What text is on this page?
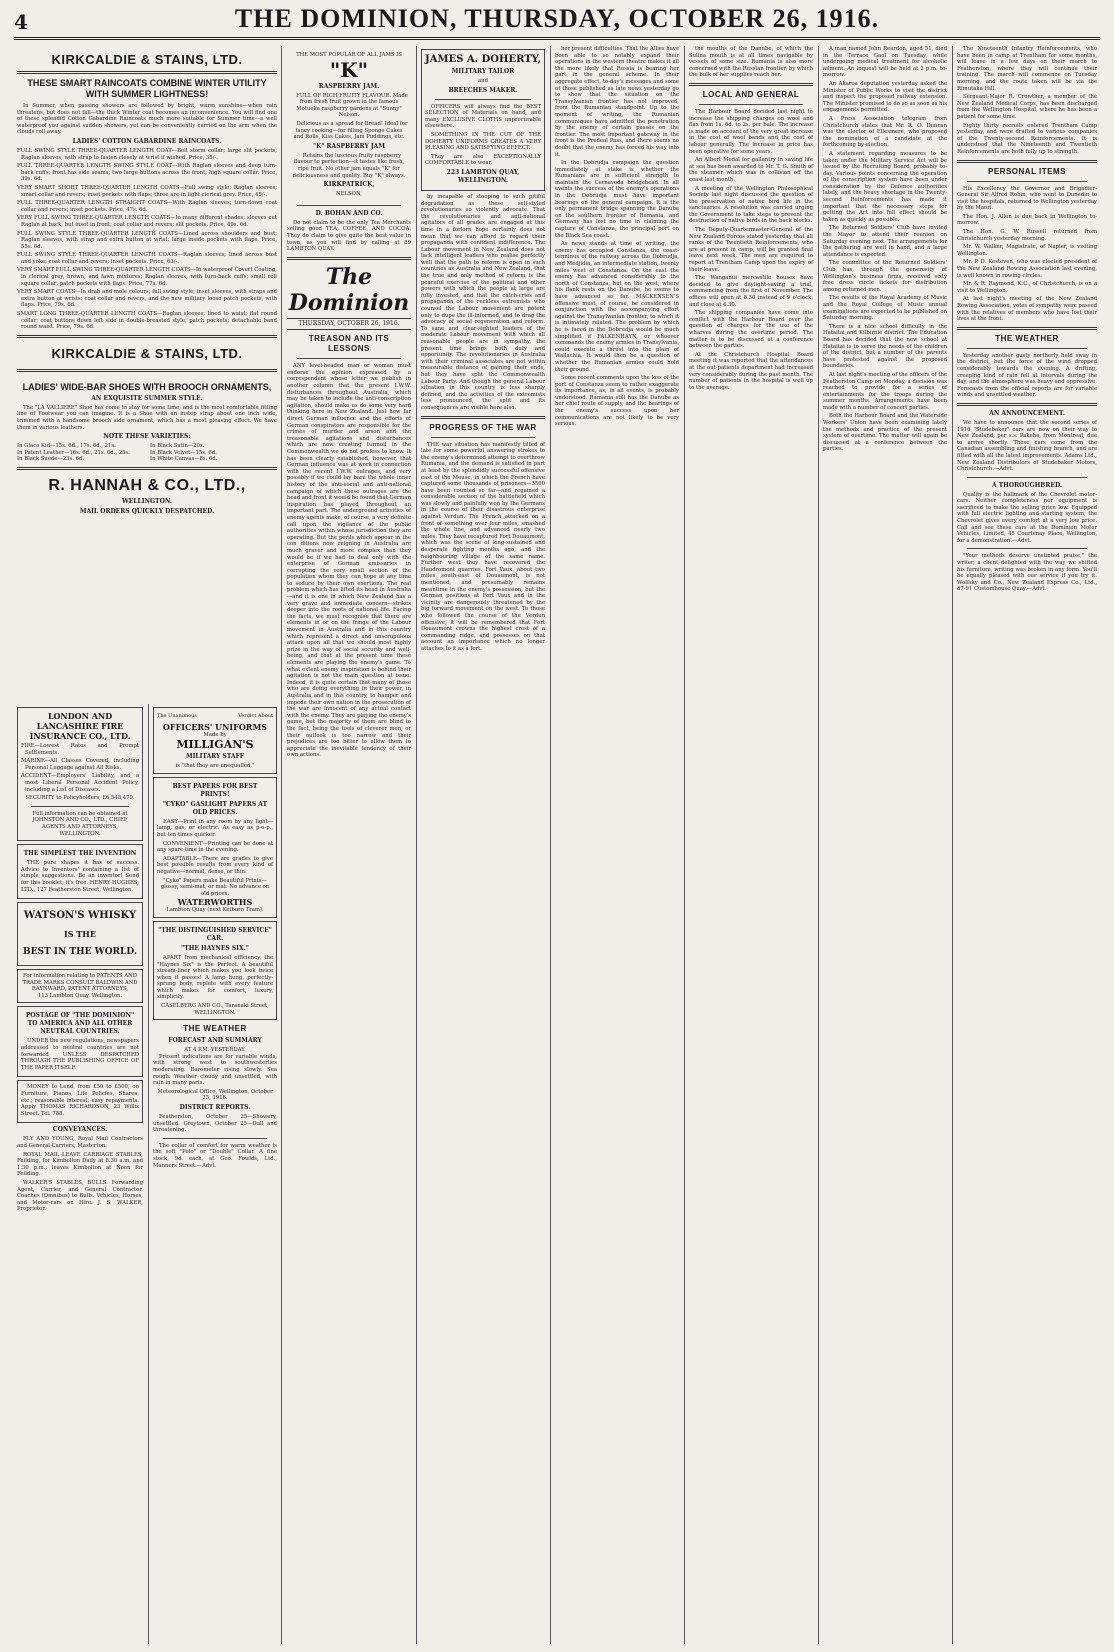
4	THE DOMINION, THURSDAY, OCTOBER 26, 1916.
KIRKCALDIE & STAINS, LTD.
THESE SMART RAINCOATS COMBINE WINTER UTILITY WITH SUMMER LIGHTNESS!
In Summer, when passing showers are followed by bright, warm sunshine—when rain threatens, but does not fall—the thick Winter coat becomes an inconvenience. You will find one of these splendid Cotton Gabardine Raincoats much more suitable for Summer time—a well waterproof you against sudden showers, yet can be conveniently carried on the arm when the clouds roll away.
LADIES' COTTON GABARDINE RAINCOATS.
FULL SWING STYLE THREE-QUARTER LENGTH COAT—Bell storm collar; large slit pockets; Raglan sleeves, with strap to fasten closely at wrist if wished. Price, 35/-.
FULL THREE-QUARTER LENGTH SWING STYLE COAT—With Raglan sleeves and deep turn-back cuffs; front has side seams; two large buttons across the front; high square collar. Price, 39s. 6d.
VERY SMART SHORT THREE-QUARTER LENGTH COATS—Full swing style; Raglan sleeves; smart collar and revers; inset pockets with flaps; three are in light clerical grey. Price, 45/-.
FULL THREE-QUARTER LENGTH STRAIGHT COATS—With Raglan sleeves; turn-down coat collar and revers; inset pockets. Price, 47s. 6d.
VERY FULL SWING THREE-QUARTER LENGTH COATS—In many different shades; sleeves cut Raglan at back, but inset in front; coat collar and revers; slit pockets. Price, 49s. 6d.
FULL SWING STYLE THREE-QUARTER LENGTH COATS—Lined across shoulders and bust; Raglan sleeves, with strap and extra button at wrist; large inside pockets with flaps. Price, 55s. 6d.
FULL SWING STYLE THREE-QUARTER LENGTH COATS—Raglan sleeves; lined across bust and yoke; coat collar and revers; inset pockets. Price, 63/-.
VERY SMART FULL SWING THREE-QUARTER LENGTH COATS—In waterproof Covert Coating, in clerical grey, brown, and fawn mixtures; Raglan sleeves, with turn-back cuffs; small roll square collar; patch pockets with flaps. Price, 77s. 6d.
VERY SMART COATS—In drab and mole colours; full swing style; inset sleeves, with straps and extra button at wrists; coat collar and revers, and the new military loose patch pockets, with flaps. Price, 79s. 6d.
SMART LONG THREE-QUARTER LENGTH COATS—Raglan sleeves; lined to waist; flat round collar; coat buttons down left side in double-breasted style; patch pockets; detachable band round waist. Price, 79s. 6d.
KIRKCALDIE & STAINS, LTD.
LADIES' WIDE-BAR SHOES WITH BROOCH ORNAMENTS,
AN EXQUISITE SUMMER STYLE.
The "LA VALLIERE" Shoe has come to stay for some time, and is the most comfortable fitting line of Footwear you can imagine. It is a Shoe with an instep strap about one inch wide, trimmed with a handsome brooch side ornament, which has a most pleasing effect. We have them in various leathers.
NOTE THESE VARIETIES:
In Glace Kid—15s. 6d., 17s. 6d., 21s.
In Patent Leather—16s. 6d., 21s. 6d., 25s.
In Black Suede—23s. 6d.
In Black Satin—20s.
In Black Velvet—15s. 6d.
In White Canvas—8s. 6d.
R. HANNAH & CO., LTD.,
WELLINGTON.
MAIL ORDERS QUICKLY DESPATCHED.
LONDON AND LANCASHIRE FIRE INSURANCE CO., LTD.
FIRE—Lowest Rates and Prompt Settlements.
MARINE—All Classes Covered, including Personal Luggage against All Risks.
ACCIDENT—Employers' Liability, and a most Liberal Personal Accident Policy, including a List of Diseases.
SECURITY to Policyholders, £6,548,479.
Full information can be obtained at JOHNSTON AND CO., LTD., CHIEF AGENTS AND ATTORNEYS, WELLINGTON.
THE SIMPLEST THE INVENTION
THE pure shapes it has of success. Advice to Inventors' containing a list of simple suggestions. Be an inventor! Send for this booklet; it's free. HENRY HUGHES, LTD., 127 Featherston Street, Wellington.
WATSON'S WHISKY
IS THE
BEST IN THE WORLD.
For information relating to PATENTS AND TRADE MARKS CONSULT BALDWIN AND RAYNWARD, PATENT ATTORNEYS,
113 Lambton Quay, Wellington.
POSTAGE OF "THE DOMINION" TO AMERICA AND ALL OTHER NEUTRAL COUNTRIES.
UNDER the new regulations, newspapers addressed to neutral countries are not forwarded UNLESS DESPATCHED THROUGH THE PUBLISHING OFFICE OF THE PAPER ITSELF.
MONEY to Lend, from £50 to £500, on Furniture, Pianos, Life Policies, Shares, etc.; reasonable interest; easy repayments. Apply THOMAS RICHARDSON, 23 Willis Street. Tel. 788.
CONVEYANCES.
FLY AND YOUNG, Royal Mail Contractors and General Carriers, Masterton.
ROYAL MAIL LEAVE CARRIAGE STABLES, Feilding, for Kimbolton Daily at 8.30 a.m. and 1.30 p.m.; leaves Kimbolton at Noon for Feilding.
WALKER'S STABLES, BULLS. Forwarding Agent, Carrier, and General Contractor. Coaches (Omnibus) to Bulls. Vehicles, Horses, and Motor-cars on Hire. J. S. WALKER, Proprietor.
The Unanimous	Verdict About
OFFICERS' UNIFORMS
Made by
MILLIGAN'S
MILITARY STAFF
is "that they are unequalled."
BEST PAPERS FOR BEST PRINTS!
"CYKO" GASLIGHT PAPERS AT OLD PRICES.
EASY—Print in any room by any light—lamp, gas, or electric. As easy as p-o-p., but ten times quicker.
CONVENIENT—Printing can be done at any spare time in the evening.
ADAPTABLE—There are grades to give best possible results from every kind of negative—normal, dense, or thin.
"Cyko" Papers make Beautiful Prints—glossy, semi-mat, or mat. No advance on old prices.
WATERWORTHS
Lambton Quay (next Kelburn Tram).
"THE DISTINGUISHED SERVICE" CAR.
"THE HAYNES SIX."
APART from mechanical efficiency, the "Haynes Six" is the Perfect. A beautiful stream-liner which makes you look twice when it passes! A lamp hung, perfectly-sprung body, replete with every feature which makes for comfort, luxury, simplicity.
CASELBERG AND CO., Taranaki Street, WELLINGTON.
THE WEATHER
FORECAST AND SUMMARY
AT 4 P.M. YESTERDAY.
Present indications are for variable winds, with strong west to southwesterlies moderating. Barometer rising slowly. Sea rough. Weather cloudy and unsettled, with rain in many parts.
Meteorological Office, Wellington, October 25, 1916.
DISTRICT REPORTS.
Featherston, October 25—Showery, unsettled. Greytown, October 25—Dull and threatening.
The collar of comfort for warm weather is the soft "Polo" or "Double" Collar. A fine stock, 9d. each, at Geo. Fowlds, Ltd., Manners Street.—Advt.
THE MOST POPULAR OF ALL JAMS IS
"K"
RASPBERRY JAM.
FULL OF RICH FRUITY FLAVOUR. Made from fresh fruit grown in the famous Motueka raspberry gardens at "Sunny" Nelson.
Delicious as a spread for Bread! Ideal for fancy cooking—for filling Sponge Cakes and Rolls, Kiss Cakes, Jam Puddings, etc.
"K" RASPBERRY JAM
Retains the luscious fruity raspberry flavour to perfection—it tastes like fresh, ripe fruit. No other jam equals "K" for deliciousness and quality. Buy "K" always.
KIRKPATRICK,
NELSON,
D. BOHAN AND CO.
Do not claim to be the only Tea Merchants selling good TEA, COFFEE, AND COCOA. They do claim to give quite the best value in town, as you will find by calling at 89 LAMBTON QUAY.
The Dominion
THURSDAY, OCTOBER 26, 1916.
TREASON AND ITS LESSONS
ANY level-headed man or woman must endorse the opinion expressed by a correspondent whose letter we publish in another column that the present I.W.W. disturbances throughout Australia, which may be taken to include the anti-conscription agitation, should make us do some very hard thinking here in New Zealand. Just how far direct German influence and the efforts of German conspirators are responsible for the crimes of murder and arson and the treasonable agitations and disturbances which are now creating turmoil in the Commonwealth we do not profess to know. It has been clearly established, however, that German influence was at work in connection with the recent I.W.W. outrages, and very possibly if we could lay bare the whole inner history of the anti-social and anti-national campaign of which these outrages are the head and front it would be found that German inspiration has played throughout an important part. The underground activities of enemy agents make, of course, a very definite call upon the vigilance of the public authorities within whose jurisdiction they are operating. But the perils which appear in the con ditions now reigning in Australia are much graver and more complex than they would be if we had to deal only with the enterprise of German emissaries in corrupting the very small section of the population whom they can hope at any time to seduce by their own exertions. The real problem which has lifted its head in Australia—and it is one in which New Zealand has a very grave and immediate concern—strikes deeper into the roots of national life. Facing the facts, we must recognise that there are elements in or on the fringe of the Labour movement in Australia and in this country which represent a direct and unscrupulous attack upon all that we should most highly prize in the way of social security and well-being, and that at the present time these elements are playing the enemy's game. To what extent enemy inspiration is behind their agitation is not the main question at issue. Indeed, it is quite certain that many of those who are doing everything in their power, in Australia and in this country, to hamper and impede their own nation in the prosecution of the war are innocent of any actual contact with the enemy. They are playing the enemy's game, but the majority of them are blind to the fact, being the tools of cleverer men, or their outlook is too narrow and their prejudices are too bitter to allow them to appreciate the inevitable tendency of their own actions.
JAMES A. DOHERTY,
MILITARY TAILOR
and
BREECHES MAKER.
OFFICERS will always find the BEST SELECTION of Materials on hand, and many EXCLUSIVE CLOTHS unprocurable elsewhere.
SOMETHING IN THE CUT OF THE DOHERTY UNIFORMS CREATES A VERY PLEASING AND SATISFYING EFFECT.
They are also EXCEPTIONALLY COMFORTABLE to wear.
223 LAMBTON QUAY, WELLINGTON.
by incapable of stooping to such pitiful degradation as these self-styled revolutionaries so violently advocate. That the revolutionaries and anti-national agitators of all grades are engaged at this time in a forlorn hope certainly does not mean that we can afford to regard their propaganda with confident indifference. The Labour movement in New Zealand does not lack intelligent leaders who realise perfectly well that the path to reform is open in such countries as Australia and New Zealand, that the true and only method of reform is the peaceful exercise of the political and other powers with which the people at large are fully invested, and that the catch-cries and propaganda of the reckless extremists who counsel the Labour movement are potent only to dupe the ill-informed, and to drag the advocacy of social regeneration and reform. To sane and clear-sighted leaders of the moderate Labour movement with which all reasonable people are in sympathy, the present time brings both duty and opportunity. The revolutionaries in Australia with their criminal associates are not within measurable distance of gaining their ends, but they have split the Commonwealth Labour Party. And though the general Labour situation in this country is less sharply defined, and the activities of the extremists less pronounced, the split and its consequences are visible here also.
PROGRESS OF THE WAR
THE war situation has manifestly tilted of late for some powerful answering strokes to the enemy's determined attempt to overthrow Rumania, and the demand is satisfied in part at least by the splendidly successful offensive east of the Meuse, in which the French have captured some thousands of prisoners—3500 have been counted so far—and regained a considerable section of the battlefield which was slowly and painfully won by the Germans in the course of their disastrous enterprise against Verdun. The French attacked on a front of something over four miles, smashed the whole line, and advanced nearly two miles. They have recaptured Fort Douaumont, which was the scene of long-sustained and desperate fighting months ago, and the neighbouring village of the same name. Further west they have recovered the Haudromont quarries. Fort Vaux, about two miles south-east of Douaumont, is not mentioned, and presumably remains meantime in the enemy's possession, but the German positions at Fort Vaux and in the vicinity are dangerously threatened by the big forward movement on the west. To those who followed the course of the Verdun offensive, it will be remembered that Fort Douaumont crowns the highest crest of a commanding ridge, and possesses on that account an importance which no longer attaches to it as a fort.
her present difficulties. That the Allies have been able to so notably expand their operations in the western theatre makes it all the more likely that Russia is bearing her part in the general scheme. In their aggregate effect, to-day's messages and some of those published as late news yesterday go to show that the situation on the Transylvanian frontier has not improved, from the Rumanian standpoint. Up to the moment of writing, the Rumanian communiques have admitted the penetration by the enemy of certain passes on the frontier. The most important gateway in the front is the Predeal Pass, and there seems no doubt that the enemy has forced his way into it.
In the Dobrudja campaign the question immediately at stake is whether the Rumanians are in sufficient strength to maintain the Cernavoda bridgehead. In all events the success of the enemy's operations in the Dobrudja must have important bearings on the general campaign. It is the only permanent bridge spanning the Danube on the southern frontier of Rumania, and Germany has lost no time in claiming the capture of Constanza, the principal port on the Black Sea coast.
As news stands at time of writing, the enemy has occupied Constanza, the coast-terminus of the railway across the Dobrudja, and Medjidia, an intermediate station, twenty miles west of Constanza. On the east the enemy has advanced considerably to the north of Constanza, but on the west, where his flank rests on the Danube, he seems to have advanced so far. MACKENSEN'S offensive must, of course, be considered in conjunction with the accompanying effort against the Transylvanian frontier, to which it is intimately related. The problem by which he is faced in the Dobrudja would be much simplified if FALKENHAYN, or whoever commands the enemy armies in Transylvania, could execute a thrust into the plain of Wallachia. It would then be a question of whether the Rumanian armies could hold their ground.
Some recent comments upon the loss of the port of Constanza seem to rather exaggerate its importance, as, in all events, is probably understood. Rumania still has the Danube as her chief route of supply, and the bearings of the enemy's success upon her communications are not likely to be very serious.
the mouths of the Danube, of which the Sulina mouth is at all times navigable by vessels of some size. Rumania is also more concerned with the Russian frontier, by which the bulk of her supplies reach her.
LOCAL AND GENERAL
The Harbour Board decided last night to increase the shipping charges on wool and flax from 1s. 6d. to 2s. per bale. The increase is made on account of the very great increase in the cost of wool bands and the cost of labour generally. The increase in price has been operative for some years.
An Albert Medal for gallantry in saving life at sea has been awarded to Mr. T. G. Smith of the steamer which was in collision off the coast last month.
A meeting of the Wellington Philosophical Society last night discussed the question of the preservation of native bird life in the sanctuaries. A resolution was carried urging the Government to take steps to prevent the destruction of native birds in the back blocks.
The Deputy-Quartermaster-General of the New Zealand Forces stated yesterday that all ranks of the Twentieth Reinforcements, who are at present in camp, will be granted final leave next week. The men are required to report at Trentham Camp upon the expiry of their leave.
The Wanganui mercantile houses have decided to give daylight-saving a trial, commencing from the first of November. The offices will open at 8.30 instead of 9 o'clock, and close at 4.30.
The shipping companies have come into conflict with the Harbour Board over the question of charges for the use of the wharves during the overtime period. The matter is to be discussed at a conference between the parties.
At the Christchurch Hospital Board meeting it was reported that the attendances at the out-patients department had increased very considerably during the past month. The number of patients in the hospital is well up to the average.
A man named John Reardon, aged 51, died in the Terrace Gaol on Tuesday, while undergoing medical treatment for alcoholic ailment. An inquest will be held at 2 p.m. to-morrow.
An Akaroa deputation yesterday asked the Minister of Public Works to visit the district and inspect the proposed railway extension. The Minister promised to do so as soon as his engagements permitted.
A Press Association telegram from Christchurch states that Mr. R. O. Duncan was the elector of Ellesmere, who proposed the nomination of a candidate at the forthcoming by-election.
A statement regarding measures to be taken under the Military Service Act will be issued by the Recruiting Board, probably to-day. Various points concerning the operation of the conscription system have been under consideration by the Defence authorities lately, and the heavy shortage in the Twenty-second Reinforcements has made it important that the necessary steps for getting the Act into full effect should be taken as quickly as possible.
The Returned Soldiers' Club have invited the Mayor to attend their reunion on Saturday evening next. The arrangements for the gathering are well in hand, and a large attendance is expected.
The committee of the Returned Soldiers' Club has, through the generosity of Wellington's business firms, received sixty free dress circle tickets for distribution among returned men.
The results of the Royal Academy of Music and the Royal College of Music annual examinations are expected to be published on Saturday morning.
There is a nice school difficulty in the Hataitai and Kilbirnie district. The Education Board has decided that the new school at Hataitai is to serve the needs of the children of the district, but a number of the parents have protested against the proposed boundaries.
At last night's meeting of the officers of the Featherston Camp on Monday, a decision was reached to provide for a series of entertainments for the troops during the summer months. Arrangements have been made with a number of concert parties.
Both the Harbour Board and the Waterside Workers' Union have been examining lately the methods and practice of the present system of overtime. The matter will again be discussed at a conference between the parties.
The Nineteenth Infantry Reinforcements, who have been in camp at Trentham for some months, will leave in a few days on their march to Featherston, where they will continue their training. The march will commence on Tuesday morning, and the route taken will be via the Rimutaka Hill.
Sergeant-Major R. Crowther, a member of the New Zealand Medical Corps, has been discharged from the Wellington Hospital, where he has been a patient for some time.
Eighty thirty recruits entered Trentham Camp yesterday, and were drafted to various companies of the Twenty-second Reinforcements. It is understood that the Nineteenth and Twentieth Reinforcements are both fully up to strength.
PERSONAL ITEMS
His Excellency the Governor and Brigadier-General Sir Alfred Robin, who went to Dunedin to visit the hospitals, returned to Wellington yesterday by the Maori.
The Hon. J. Allen is due back in Wellington to-morrow.
The Hon. G. W. Russell returned from Christchurch yesterday morning.
Mr. W. Walker, Magistrate, of Napier, is visiting Wellington.
Mr. P. D. Kesteven, who was elected president of the New Zealand Rowing Association last evening, is well known in rowing circles.
Mr. & R. Raymond, K.C., of Christchurch, is on a visit to Wellington.
At last night's meeting of the New Zealand Rowing Association, votes of sympathy were passed with the relatives of members who have lost their lives at the front.
THE WEATHER
Yesterday another gusty northerly held sway in the district, but the force of the wind dropped considerably towards the evening. A drifting, creeping kind of rain fell at intervals during the day, and the atmosphere was heavy and oppressive. Forecasts from the official reports are for variable winds and unsettled weather.
AN ANNOUNCEMENT.
We have to announce that the second series of 1916 "Studebaker" cars are now on their way to New Zealand, per s.s. Pakeha, from Montreal, due to arrive shortly. These cars come from the Canadian assembling and finishing branch, and are fitted with all the latest improvements. Adams Ltd., New Zealand Distributors of Studebaker Motors, Christchurch.—Advt.
A THOROUGHBRED.
Quality is the hallmark of the Chevrolet motor-cars. Neither completeness nor equipment is sacrificed to make the selling price low. Equipped with full electric lighting and starting system, the Chevrolet gives every comfort at a very low price. Call and see these cars at the Dominion Motor Vehicles, Limited, 45 Courtenay Place, Wellington, for a demonstration.—Advt.
"Your methods deserve unstinted praise," the writer, a client delighted with the way we shifted his furniture, writing was broken in any form. You'll be equally pleased with our service if you try it. Wolfsky and Co., New Zealand Express Co., Ltd., 87-91 Customhouse Quay.—Advt.
